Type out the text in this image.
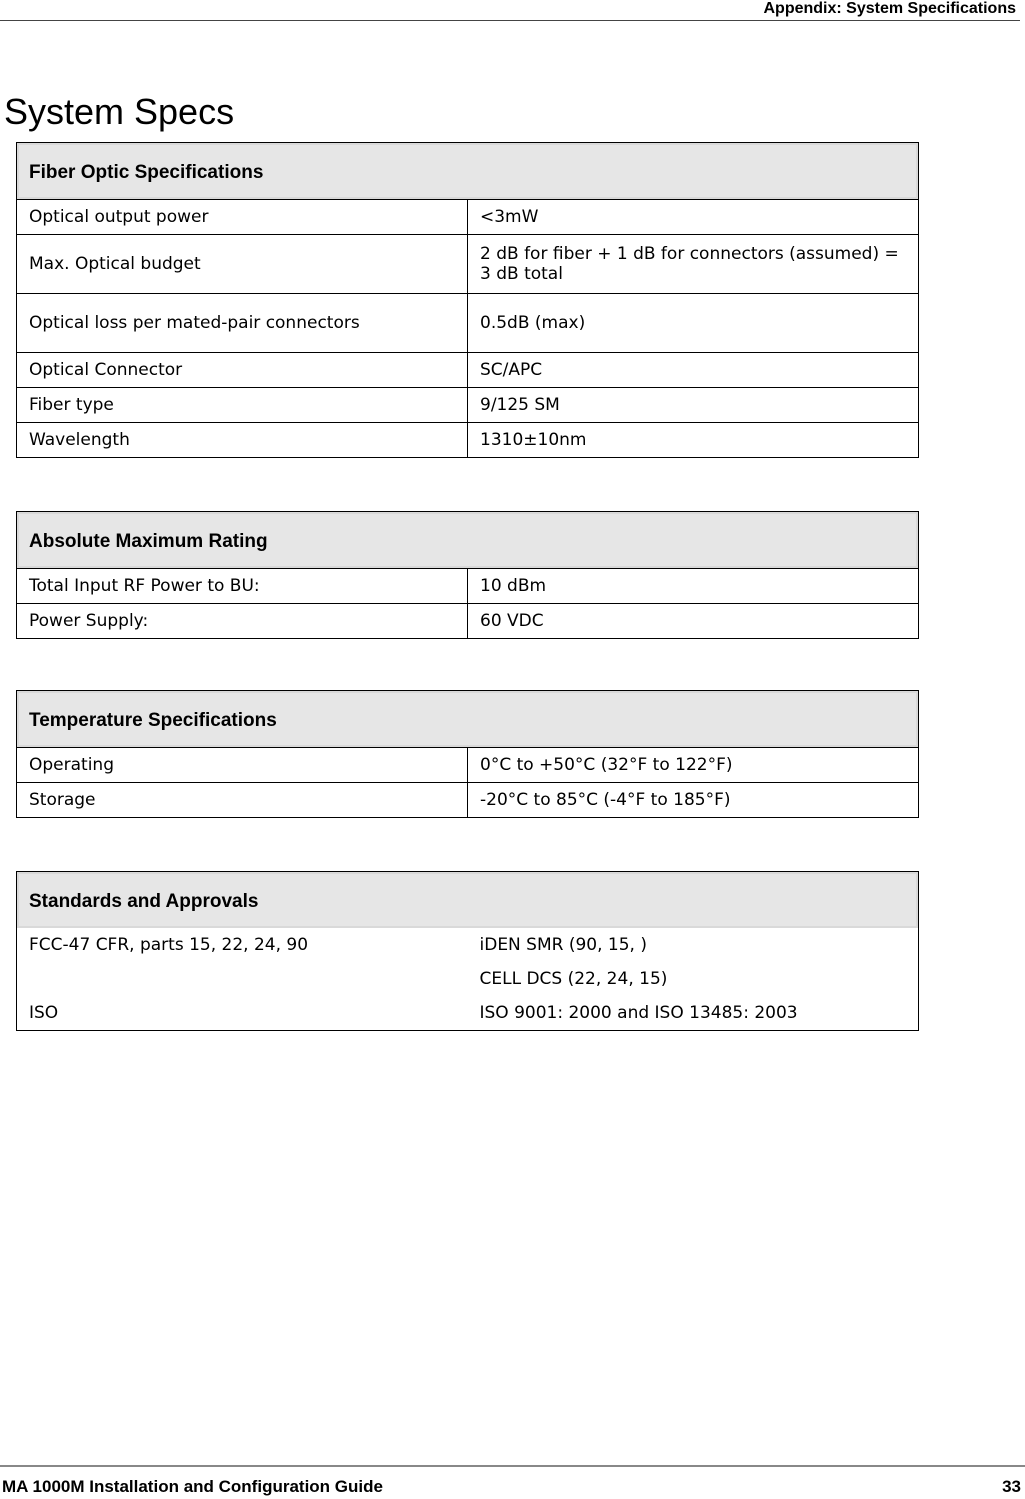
Appendix: System Specifications
System Specs
Fiber Optic Specifications	
Optical output power	<3mW
Max. Optical budget	2 dB for fiber + 1 dB for connectors (assumed) = 3 dB total
Optical loss per mated-pair connectors	0.5dB (max)
Optical Connector	SC/APC
Fiber type	9/125 SM
Wavelength	1310±10nm
Absolute Maximum Rating	
Total Input RF Power to BU:	10 dBm
Power Supply:	60 VDC
Temperature Specifications	
Operating	0°C to +50°C (32°F to 122°F)
Storage	-20°C to 85°C (-4°F to 185°F)
Standards and Approvals	
FCC-47 CFR, parts 15, 22, 24, 90	iDEN SMR (90, 15, )
	CELL DCS (22, 24, 15)
ISO	ISO 9001: 2000 and ISO 13485: 2003
MA 1000M Installation and Configuration Guide	33
